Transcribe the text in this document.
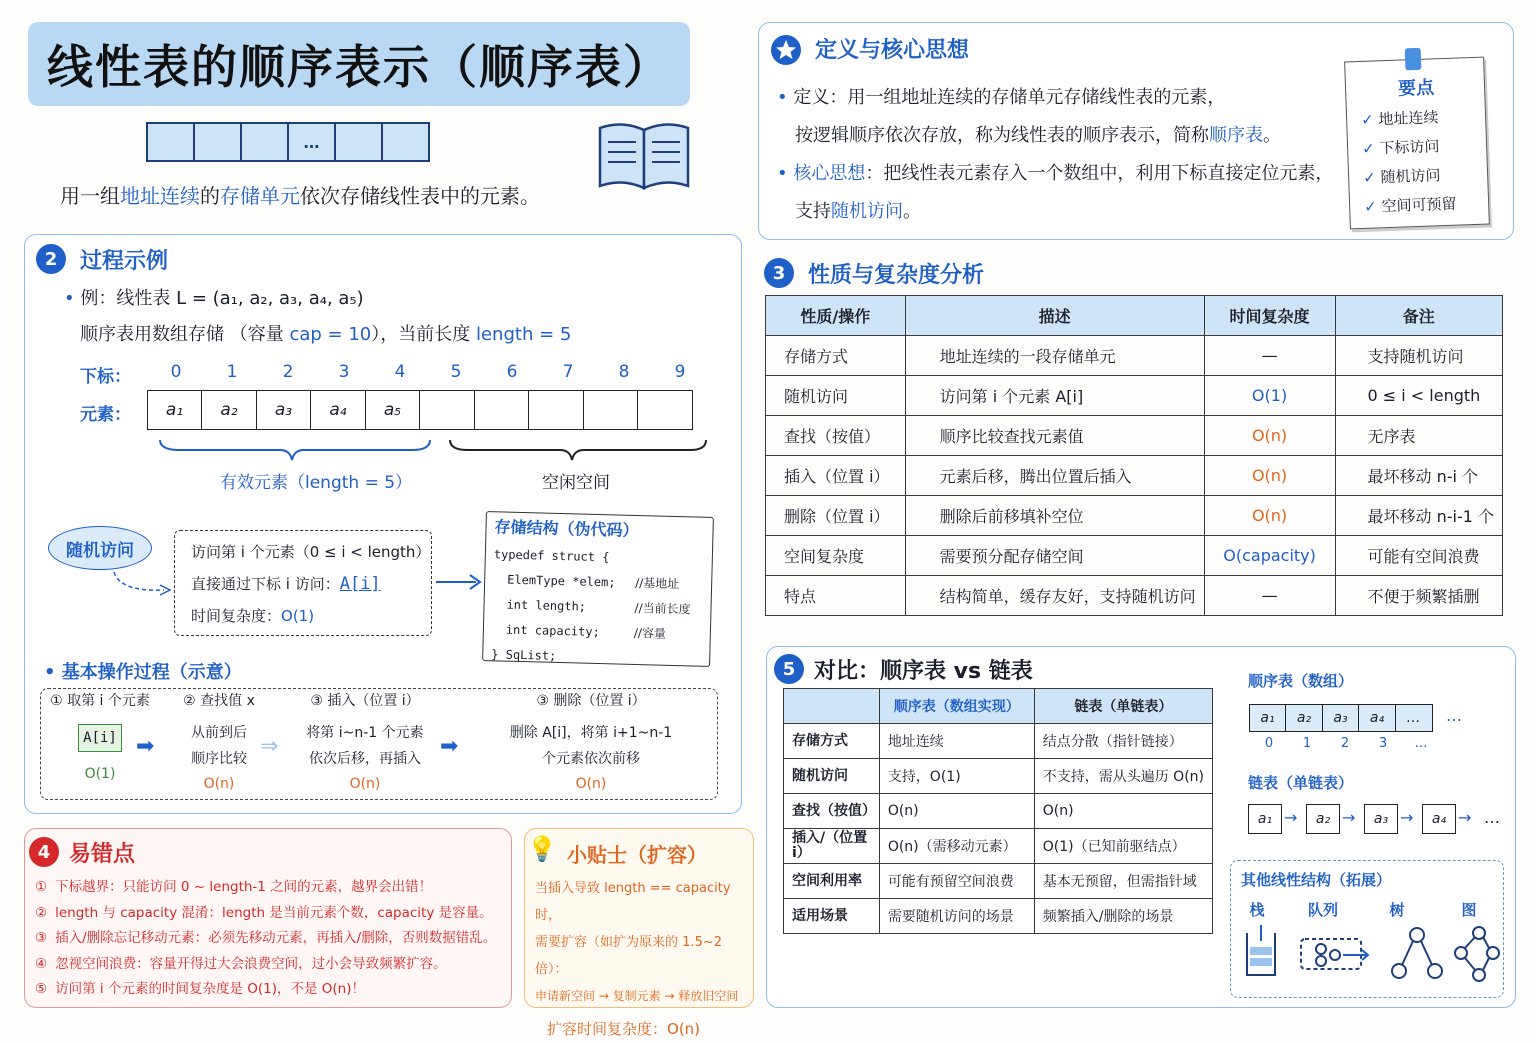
线性表的顺序表示（顺序表）
…
用一组地址连续的存储单元依次存储线性表中的元素。
定义与核心思想
• 定义：用一组地址连续的存储单元存储线性表的元素，
按逻辑顺序依次存放，称为线性表的顺序表示，简称顺序表。
• 核心思想：把线性表元素存入一个数组中，利用下标直接定位元素，
支持随机访问。
要点
✓ 地址连续
✓ 下标访问
✓ 随机访问
✓ 空间可预留
2	过程示例
• 例：线性表 L = (a₁, a₂, a₃, a₄, a₅)
顺序表用数组存储 （容量 cap = 10），当前长度 length = 5
下标：	0	1	2	3	4	5	6	7	8	9
元素：	a₁	a₂	a₃	a₄	a₅
有效元素（length = 5）	空闲空间
随机访问	访问第 i 个元素（0 ≤ i < length）
直接通过下标 i 访问：A[i]
时间复杂度：O(1)
存储结构（伪代码）
typedef struct {
ElemType *elem;
int length;
int capacity;
} SqList;
//基地址
//当前长度
//容量
• 基本操作过程（示意）
① 取第 i 个元素
A[i]
O(1)
➡
② 查找值 x
从前到后
顺序比较
O(n)
⇒
③ 插入（位置 i）
将第 i~n-1 个元素
依次后移，再插入
O(n)
➡
③ 删除（位置 i）
删除 A[i]，将第 i+1~n-1
个元素依次前移
O(n)
3	性质与复杂度分析
性质/操作	描述	时间复杂度	备注
存储方式	地址连续的一段存储单元	—	支持随机访问
随机访问	访问第 i 个元素 A[i]	O(1)	0 ≤ i < length
查找（按值）	顺序比较查找元素值	O(n)	无序表
插入（位置 i）	元素后移，腾出位置后插入	O(n)	最坏移动 n-i 个
删除（位置 i）	删除后前移填补空位	O(n)	最坏移动 n-i-1 个
空间复杂度	需要预分配存储空间	O(capacity)	可能有空间浪费
特点	结构简单，缓存友好，支持随机访问	—	不便于频繁插删
4 易错点
① 下标越界：只能访问 0 ~ length-1 之间的元素，越界会出错！
② length 与 capacity 混淆：length 是当前元素个数，capacity 是容量。
③ 插入/删除忘记移动元素：必须先移动元素，再插入/删除，否则数据错乱。
④ 忽视空间浪费：容量开得过大会浪费空间，过小会导致频繁扩容。
⑤ 访问第 i 个元素的时间复杂度是 O(1)，不是 O(n)！
💡 小贴士（扩容）
当插入导致 length == capacity 时，
需要扩容（如扩为原来的 1.5~2 倍）：
申请新空间 → 复制元素 → 释放旧空间
扩容时间复杂度：O(n)
5 对比：顺序表 vs 链表
	顺序表（数组实现）	链表（单链表）
存储方式	地址连续	结点分散（指针链接）
随机访问	支持，O(1)	不支持，需从头遍历 O(n)
查找（按值）	O(n)	O(n)
插入/（位置 i）	O(n)（需移动元素）	O(1)（已知前驱结点）
空间利用率	可能有预留空间浪费	基本无预留，但需指针域
适用场景	需要随机访问的场景	频繁插入/删除的场景
顺序表（数组）
a₁	a₂	a₃	a₄	…	…
0	1	2	3	…
链表（单链表）
a₁ →	a₂ →	a₃ →	a₄ → …
其他线性结构（拓展）
栈	队列	树	图
